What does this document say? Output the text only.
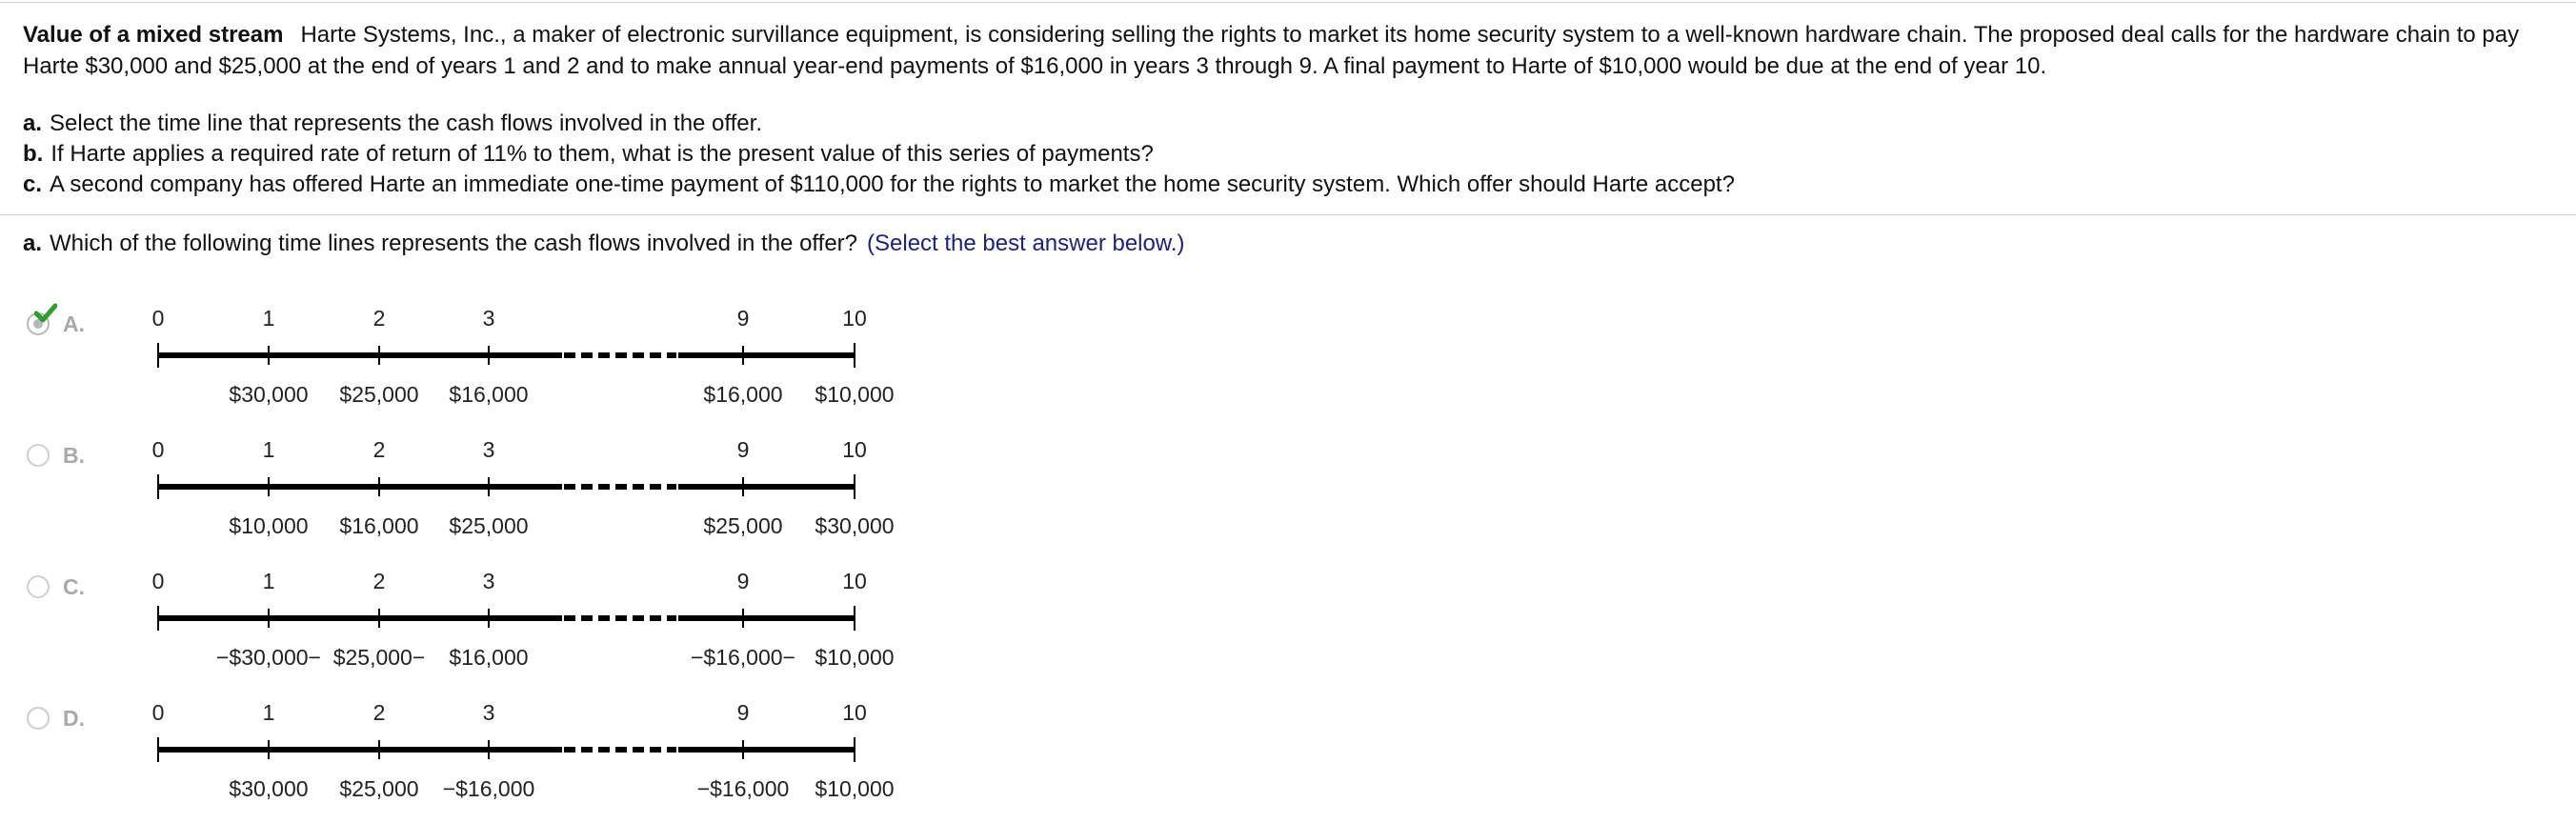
Value of a mixed stream Harte Systems, Inc., a maker of electronic survillance equipment, is considering selling the rights to market its home security system to a well-known hardware chain. The proposed deal calls for the hardware chain to pay Harte $30,000 and $25,000 at the end of years 1 and 2 and to make annual year-end payments of $16,000 in years 3 through 9. A final payment to Harte of $10,000 would be due at the end of year 10.
a. Select the time line that represents the cash flows involved in the offer.
b. If Harte applies a required rate of return of 11% to them, what is the present value of this series of payments?
c. A second company has offered Harte an immediate one-time payment of $110,000 for the rights to market the home security system. Which offer should Harte accept?
a. Which of the following time lines represents the cash flows involved in the offer? (Select the best answer below.)
A.	0	1	2	3	9	10
$30,000 $25,000 $16,000	$16,000 $10,000
B.	0	1	2	3	9	10
$10,000 $16,000 $25,000	$25,000 $30,000
C.	0	1	2	3	9	10
−$30,000− $25,000− $16,000	−$16,000− $10,000
D.	0	1	2	3	9	10
$30,000 $25,000 −$16,000	−$16,000 $10,000
